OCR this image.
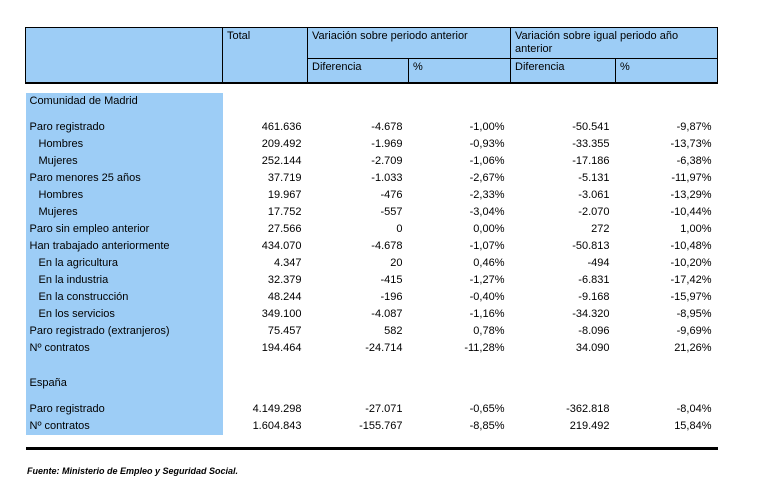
	Total	Variación sobre periodo anterior		Variación sobre igual periodo año anterior	
		Diferencia	%	Diferencia	%

Comunidad de Madrid					

Paro registrado	461.636	-4.678	-1,00%	-50.541	-9,87%
Hombres	209.492	-1.969	-0,93%	-33.355	-13,73%
Mujeres	252.144	-2.709	-1,06%	-17.186	-6,38%
Paro menores 25 años	37.719	-1.033	-2,67%	-5.131	-11,97%
Hombres	19.967	-476	-2,33%	-3.061	-13,29%
Mujeres	17.752	-557	-3,04%	-2.070	-10,44%
Paro sin empleo anterior	27.566	0	0,00%	272	1,00%
Han trabajado anteriormente	434.070	-4.678	-1,07%	-50.813	-10,48%
En la agricultura	4.347	20	0,46%	-494	-10,20%
En la industria	32.379	-415	-1,27%	-6.831	-17,42%
En la construcción	48.244	-196	-0,40%	-9.168	-15,97%
En los servicios	349.100	-4.087	-1,16%	-34.320	-8,95%
Paro registrado (extranjeros)	75.457	582	0,78%	-8.096	-9,69%
Nº contratos	194.464	-24.714	-11,28%	34.090	21,26%

España					

Paro registrado	4.149.298	-27.071	-0,65%	-362.818	-8,04%
Nº contratos	1.604.843	-155.767	-8,85%	219.492	15,84%

Fuente: Ministerio de Empleo y Seguridad Social.
